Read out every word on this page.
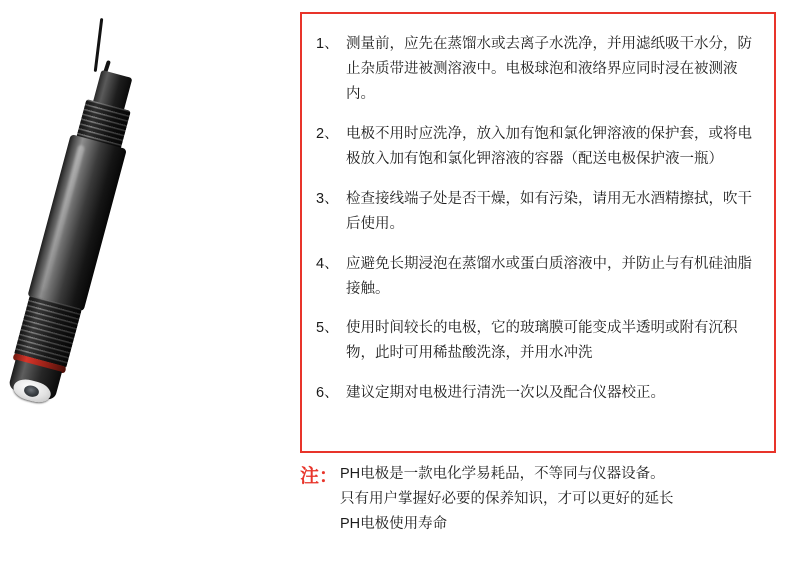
1、 测量前，应先在蒸馏水或去离子水洗净，并用滤纸吸干水分，防止杂质带进被测溶液中。电极球泡和液络界应同时浸在被测液内。
2、 电极不用时应洗净，放入加有饱和氯化钾溶液的保护套，或将电极放入加有饱和氯化钾溶液的容器（配送电极保护液一瓶）
3、 检查接线端子处是否干燥，如有污染，请用无水酒精擦拭，吹干后使用。
4、 应避免长期浸泡在蒸馏水或蛋白质溶液中，并防止与有机硅油脂接触。
5、 使用时间较长的电极，它的玻璃膜可能变成半透明或附有沉积物，此时可用稀盐酸洗涤，并用水冲洗
6、 建议定期对电极进行清洗一次以及配合仪器校正。
注： PH电极是一款电化学易耗品，不等同与仪器设备。
只有用户掌握好必要的保养知识，才可以更好的延长
PH电极使用寿命
